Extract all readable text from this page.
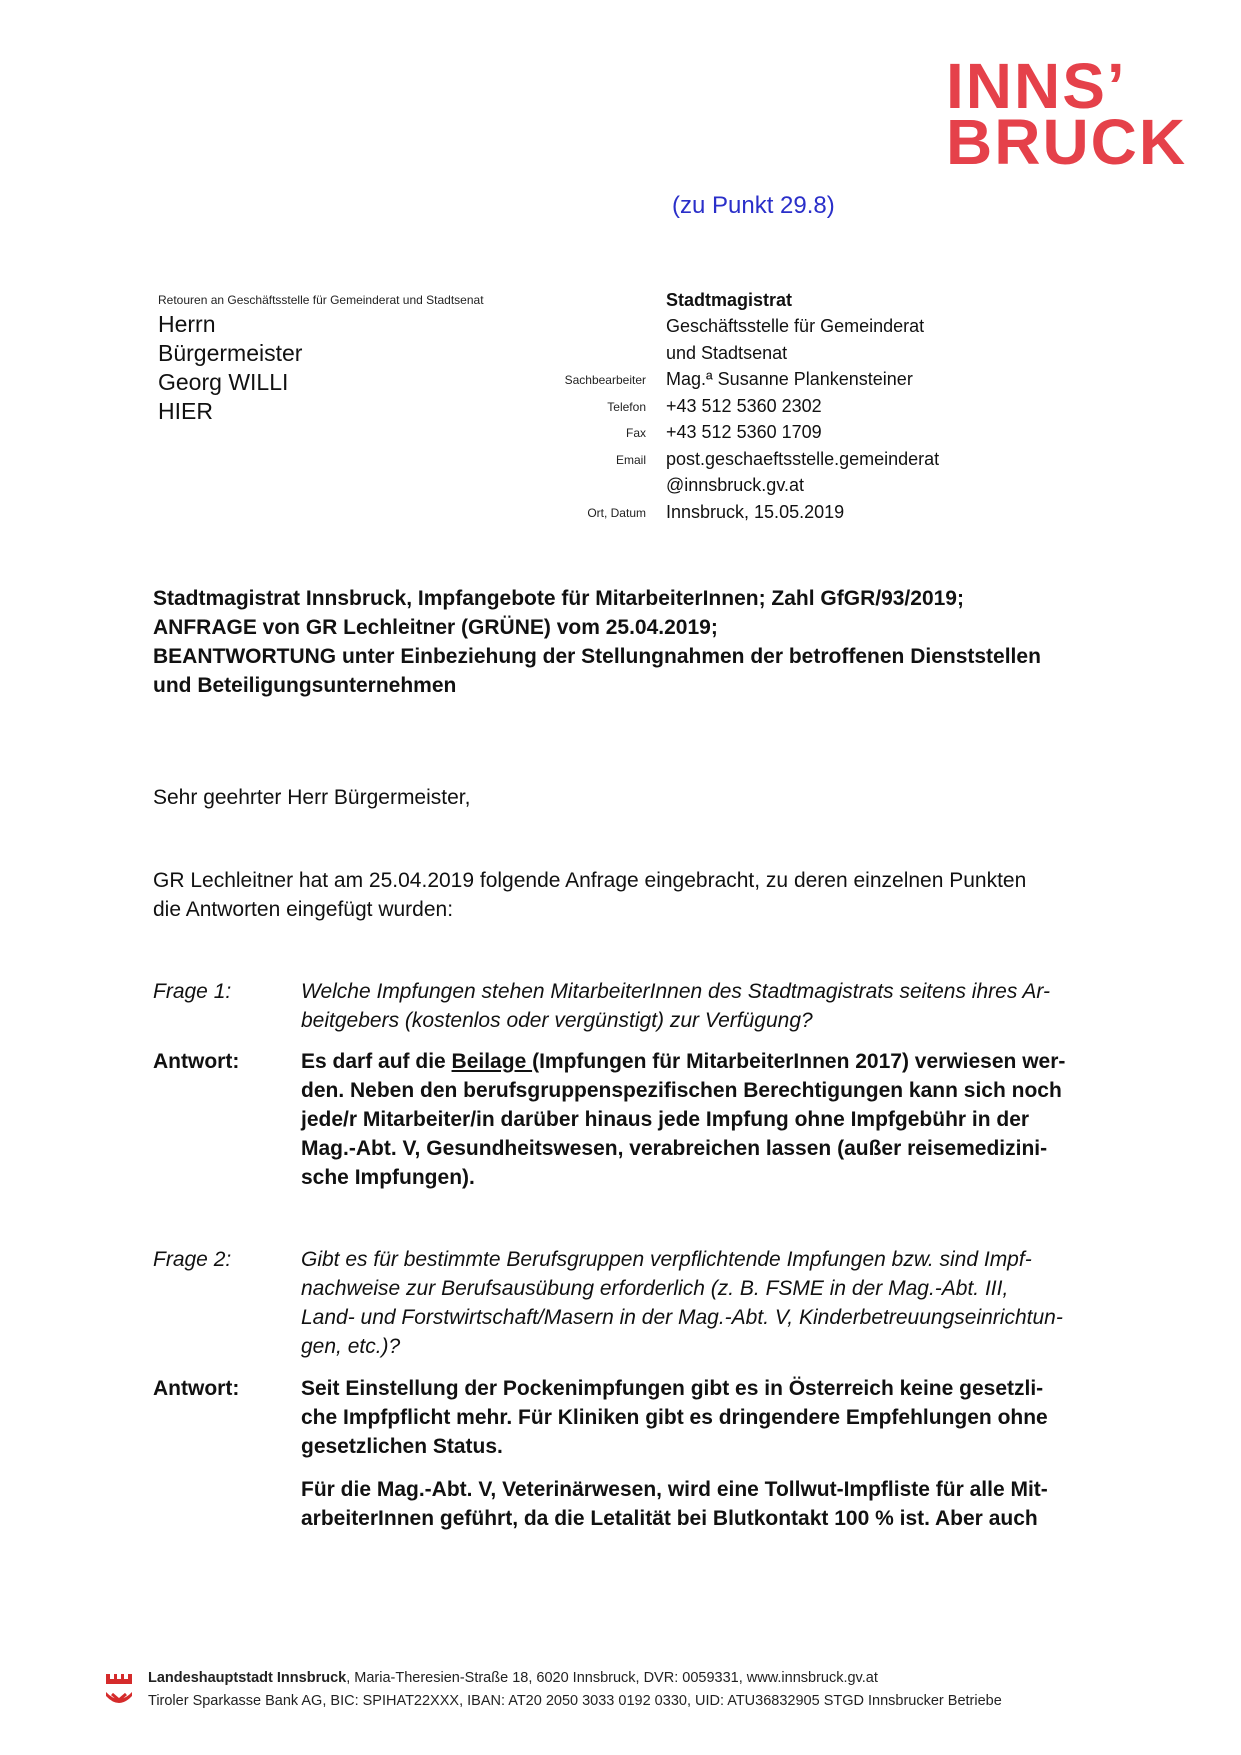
INNS’
BRUCK
(zu Punkt 29.8)
Retouren an Geschäftsstelle für Gemeinderat und Stadtsenat
Herrn
Bürgermeister
Georg WILLI
HIER
Stadtmagistrat
Geschäftsstelle für Gemeinderat
und Stadtsenat
Sachbearbeiter	Mag.ª Susanne Plankensteiner
Telefon	+43 512 5360 2302
Fax	+43 512 5360 1709
Email	post.geschaeftsstelle.gemeinderat
@innsbruck.gv.at
Ort, Datum	Innsbruck, 15.05.2019
Stadtmagistrat Innsbruck, Impfangebote für MitarbeiterInnen; Zahl GfGR/93/2019;
ANFRAGE von GR Lechleitner (GRÜNE) vom 25.04.2019;
BEANTWORTUNG unter Einbeziehung der Stellungnahmen der betroffenen Dienststellen
und Beteiligungsunternehmen
Sehr geehrter Herr Bürgermeister,
GR Lechleitner hat am 25.04.2019 folgende Anfrage eingebracht, zu deren einzelnen Punkten
die Antworten eingefügt wurden:
Frage 1:	Welche Impfungen stehen MitarbeiterInnen des Stadtmagistrats seitens ihres Ar-
beitgebers (kostenlos oder vergünstigt) zur Verfügung?
Antwort:	Es darf auf die Beilage (Impfungen für MitarbeiterInnen 2017) verwiesen wer-
den. Neben den berufsgruppenspezifischen Berechtigungen kann sich noch
jede/r Mitarbeiter/in darüber hinaus jede Impfung ohne Impfgebühr in der
Mag.-Abt. V, Gesundheitswesen, verabreichen lassen (außer reisemedizini-
sche Impfungen).
Frage 2:	Gibt es für bestimmte Berufsgruppen verpflichtende Impfungen bzw. sind Impf-
nachweise zur Berufsausübung erforderlich (z. B. FSME in der Mag.-Abt. III,
Land- und Forstwirtschaft/Masern in der Mag.-Abt. V, Kinderbetreuungseinrichtun-
gen, etc.)?
Antwort:	Seit Einstellung der Pockenimpfungen gibt es in Österreich keine gesetzli-
che Impfpflicht mehr. Für Kliniken gibt es dringendere Empfehlungen ohne
gesetzlichen Status.
Für die Mag.-Abt. V, Veterinärwesen, wird eine Tollwut-Impfliste für alle Mit-
arbeiterInnen geführt, da die Letalität bei Blutkontakt 100 % ist. Aber auch
Landeshauptstadt Innsbruck, Maria-Theresien-Straße 18, 6020 Innsbruck, DVR: 0059331, www.innsbruck.gv.at
Tiroler Sparkasse Bank AG, BIC: SPIHAT22XXX, IBAN: AT20 2050 3033 0192 0330, UID: ATU36832905 STGD Innsbrucker Betriebe
